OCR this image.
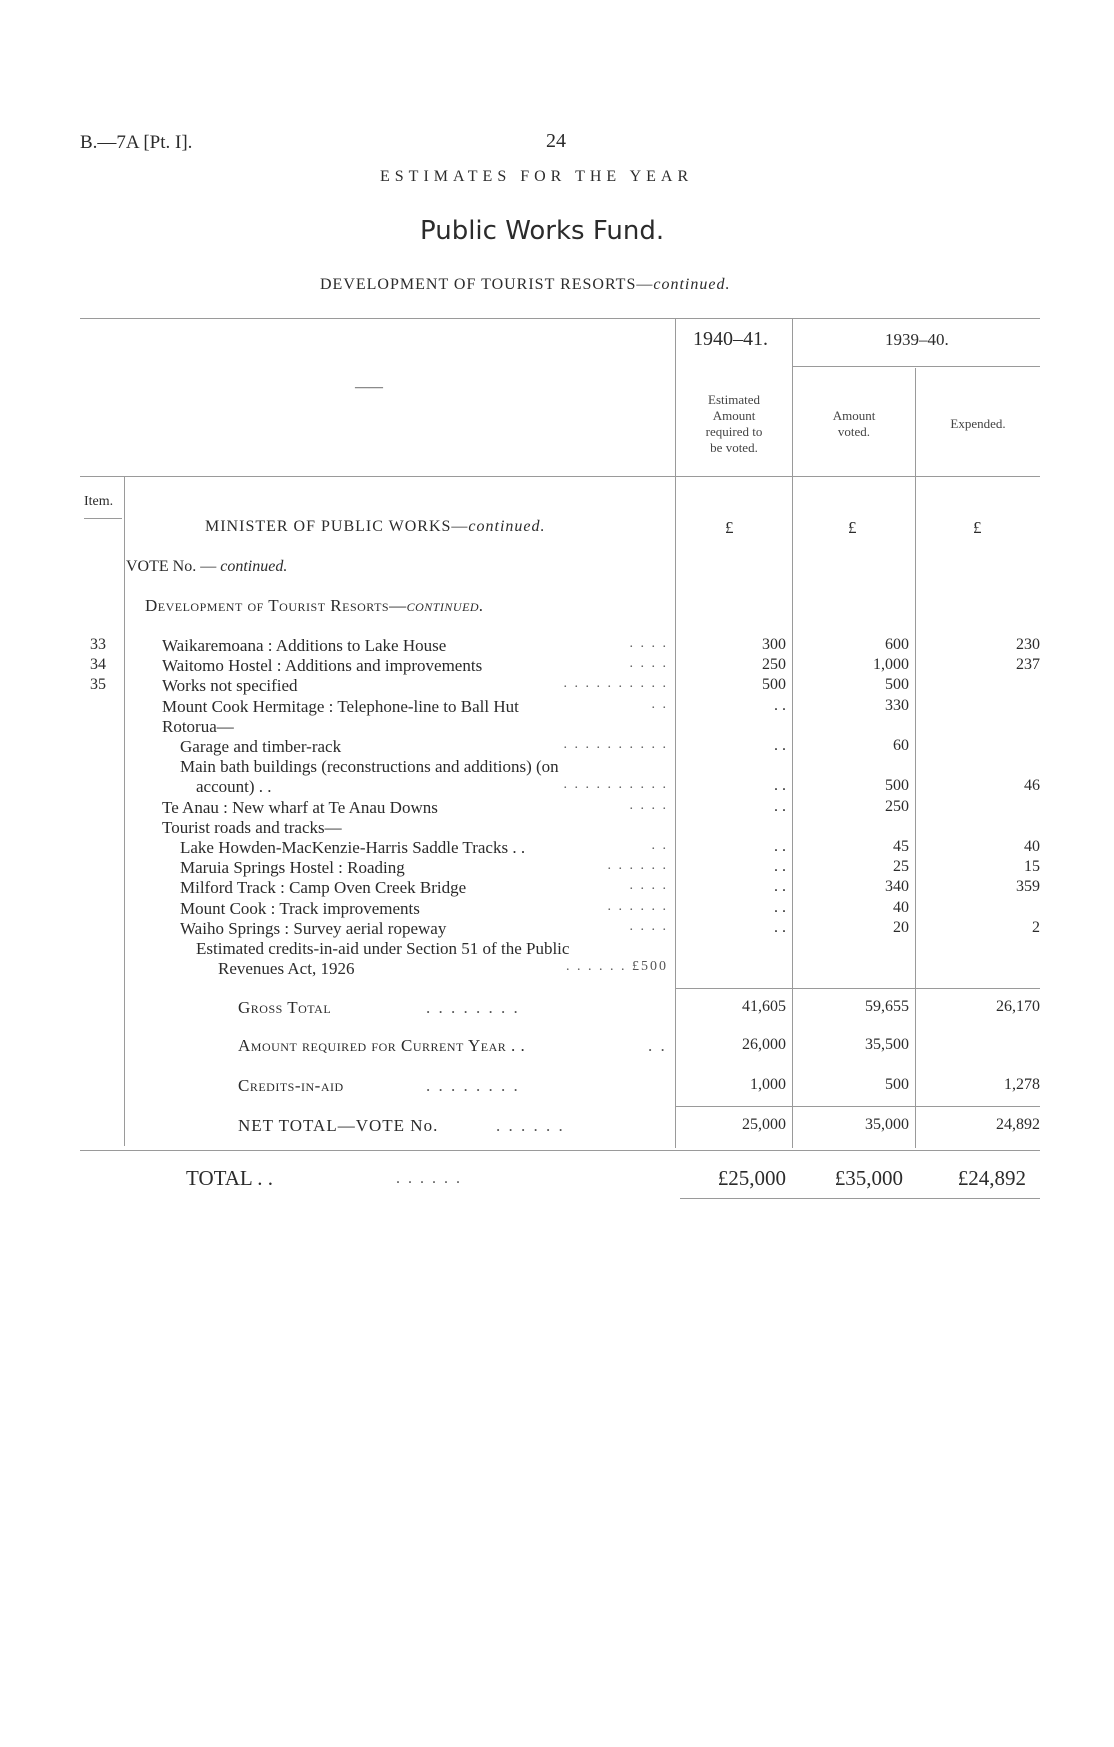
B.—7A [Pt. I].	24
ESTIMATES FOR THE YEAR
Public Works Fund.
DEVELOPMENT OF TOURIST RESORTS—continued.
1940–41.	1939–40.
——
Estimated
Amount
required to
be voted.
Amount
voted.
Expended.
Item.
MINISTER OF PUBLIC WORKS—continued.	£	£	£
VOTE No. — continued.
Development of Tourist Resorts—continued.
33	Waikaremoana : Additions to Lake House	. . . .	300	600	230
34	Waitomo Hostel : Additions and improvements	. . . .	250	1,000	237
35	Works not specified	. . . . . . . . . .	500	500
Mount Cook Hermitage : Telephone-line to Ball Hut	. .	. .	330
Rotorua—
Garage and timber-rack	. . . . . . . . . .	. .	60
Main bath buildings (reconstructions and additions) (on
account) . .	. . . . . . . . . .	. .	500	46
Te Anau : New wharf at Te Anau Downs	. . . .	. .	250
Tourist roads and tracks—
Lake Howden-MacKenzie-Harris Saddle Tracks . .	. .	. .	45	40
Maruia Springs Hostel : Roading	. . . . . .	. .	25	15
Milford Track : Camp Oven Creek Bridge	. . . .	. .	340	359
Mount Cook : Track improvements	. . . . . .	. .	40
Waiho Springs : Survey aerial ropeway	. . . .	. .	20	2
Estimated credits-in-aid under Section 51 of the Public
Revenues Act, 1926	. . . . . . £500
Gross Total	. . . . . . . .	41,605	59,655	26,170
Amount required for Current Year . .	. .	26,000	35,500
Credits-in-aid	. . . . . . . .	1,000	500	1,278
NET TOTAL—VOTE No.	. . . . . .	25,000	35,000	24,892
TOTAL . .	. . . . . .	£25,000	£35,000	£24,892
